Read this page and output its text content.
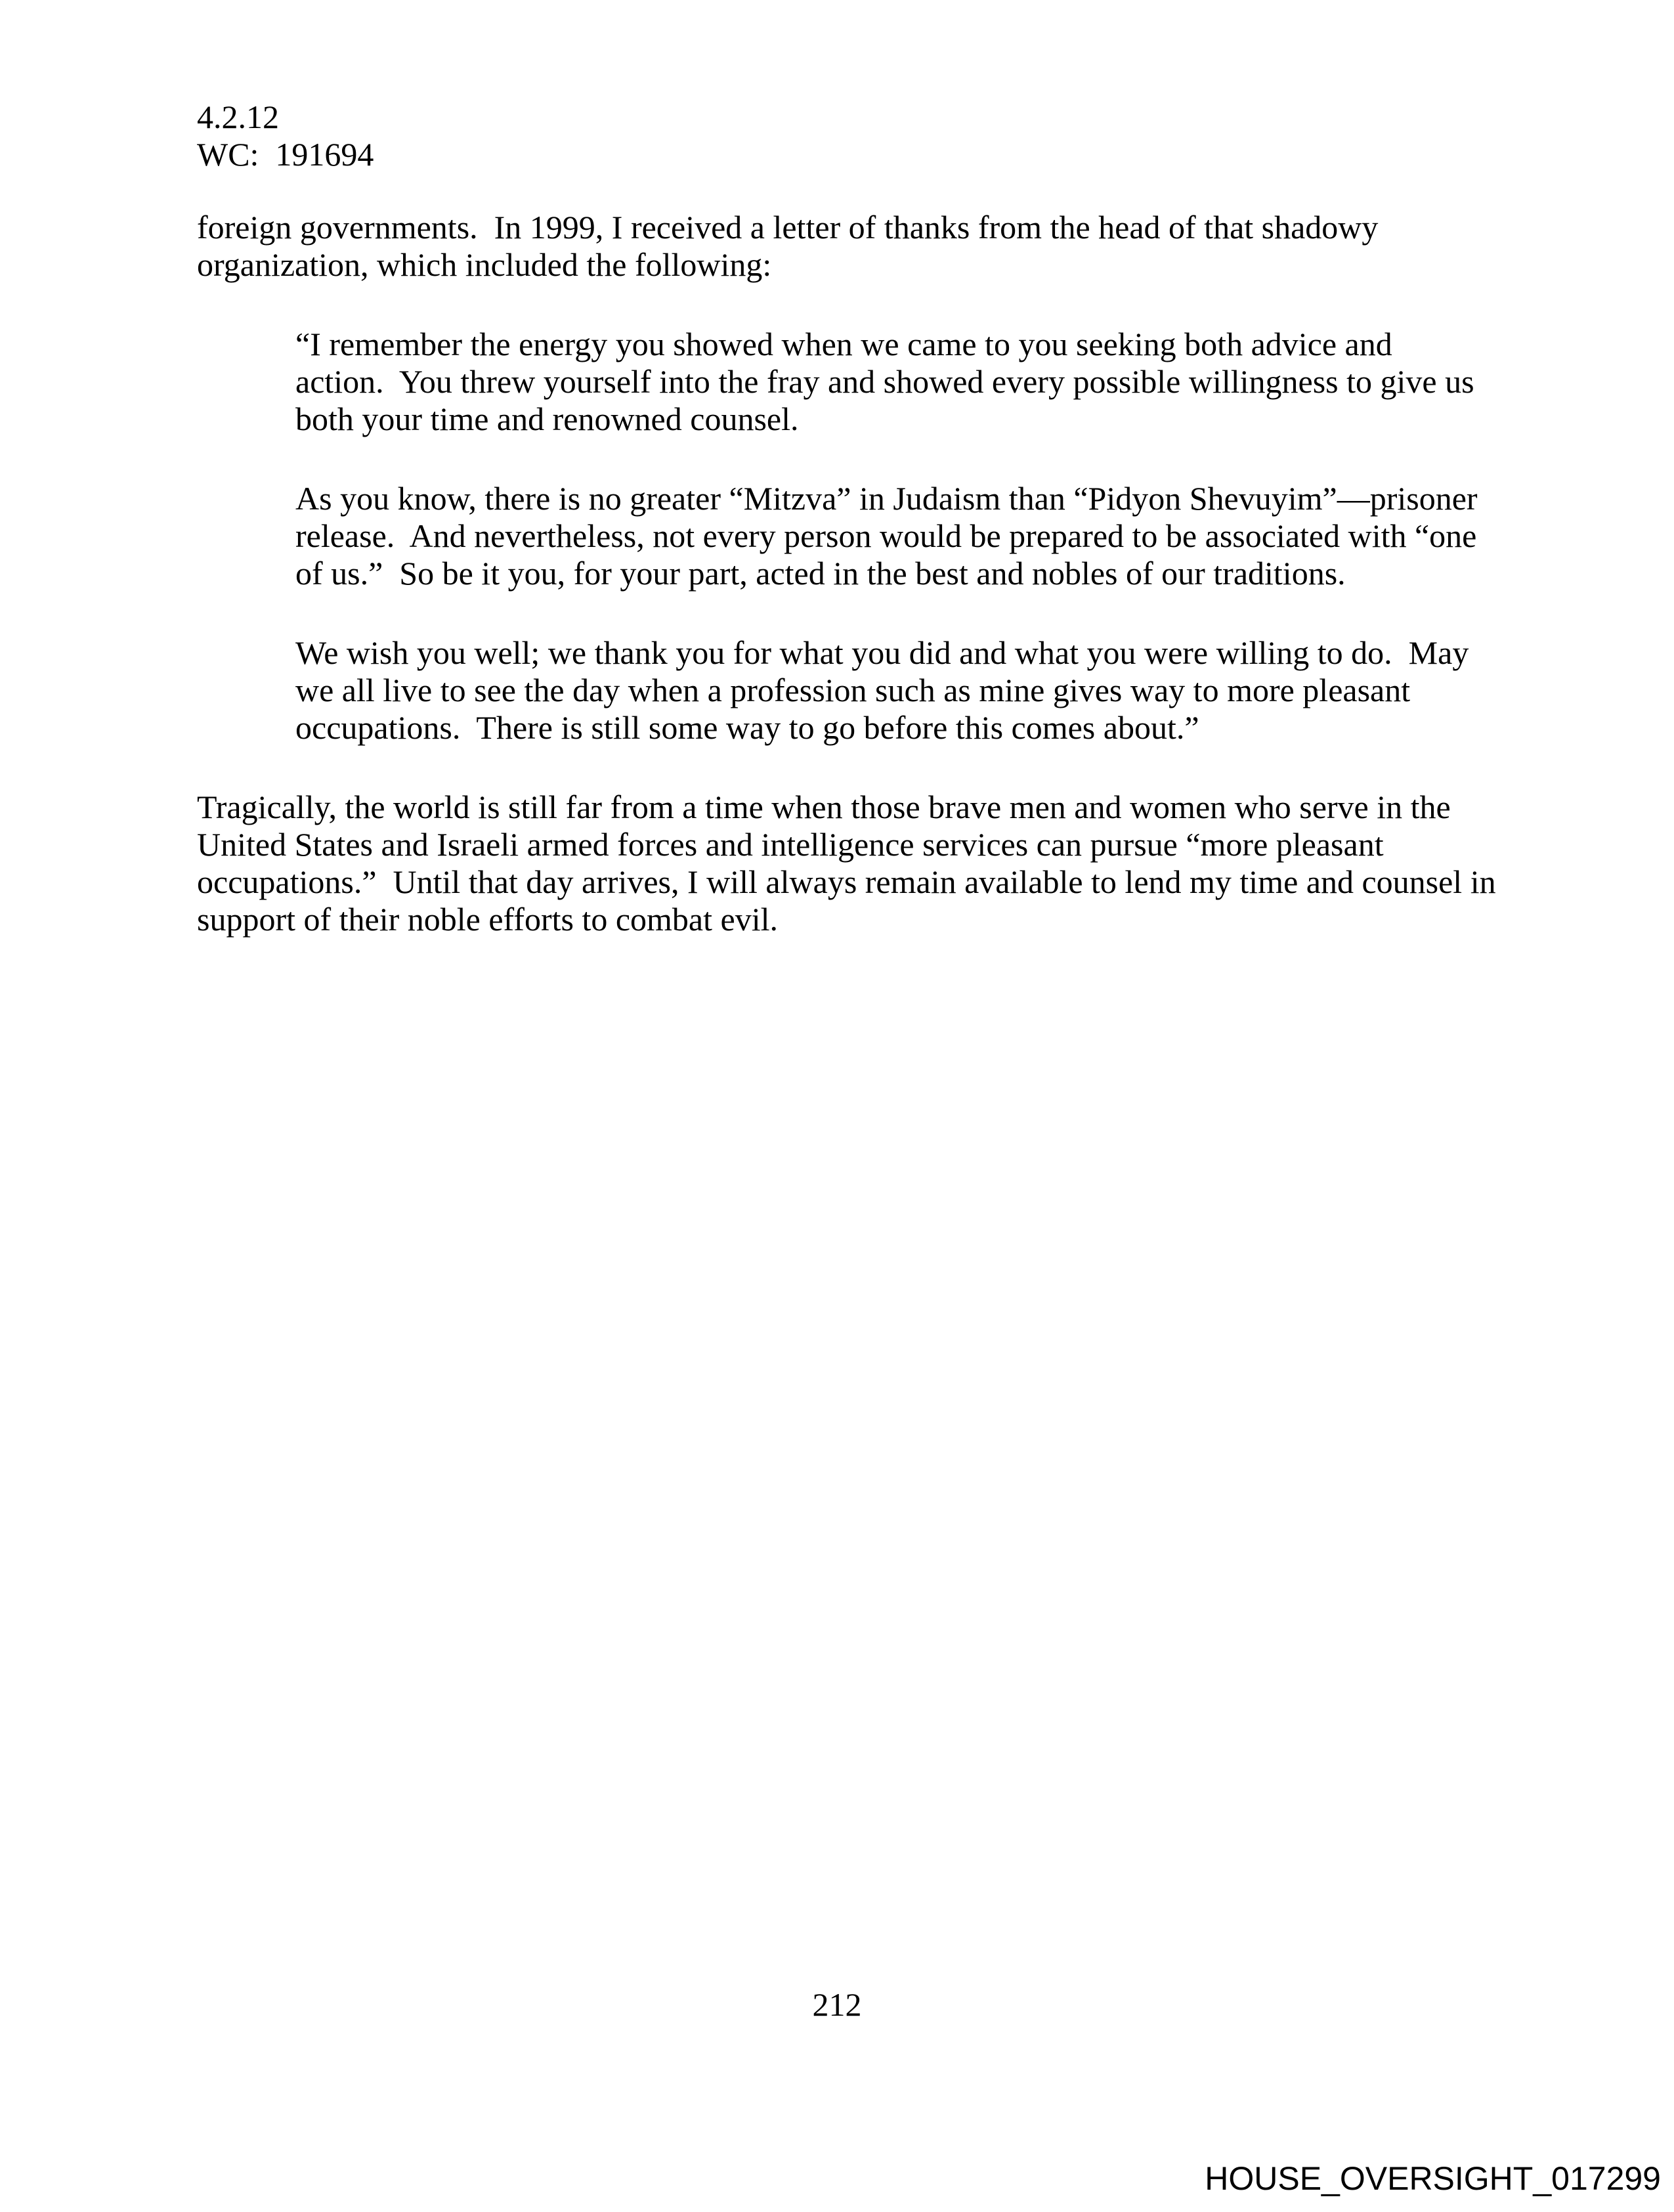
4.2.12
WC:  191694
foreign governments.  In 1999, I received a letter of thanks from the head of that shadowy
organization, which included the following:
“I remember the energy you showed when we came to you seeking both advice and
action.  You threw yourself into the fray and showed every possible willingness to give us
both your time and renowned counsel.
As you know, there is no greater “Mitzva” in Judaism than “Pidyon Shevuyim”—prisoner
release.  And nevertheless, not every person would be prepared to be associated with “one
of us.”  So be it you, for your part, acted in the best and nobles of our traditions.
We wish you well; we thank you for what you did and what you were willing to do.  May
we all live to see the day when a profession such as mine gives way to more pleasant
occupations.  There is still some way to go before this comes about.”
Tragically, the world is still far from a time when those brave men and women who serve in the
United States and Israeli armed forces and intelligence services can pursue “more pleasant
occupations.”  Until that day arrives, I will always remain available to lend my time and counsel in
support of their noble efforts to combat evil.
212
HOUSE_OVERSIGHT_017299
